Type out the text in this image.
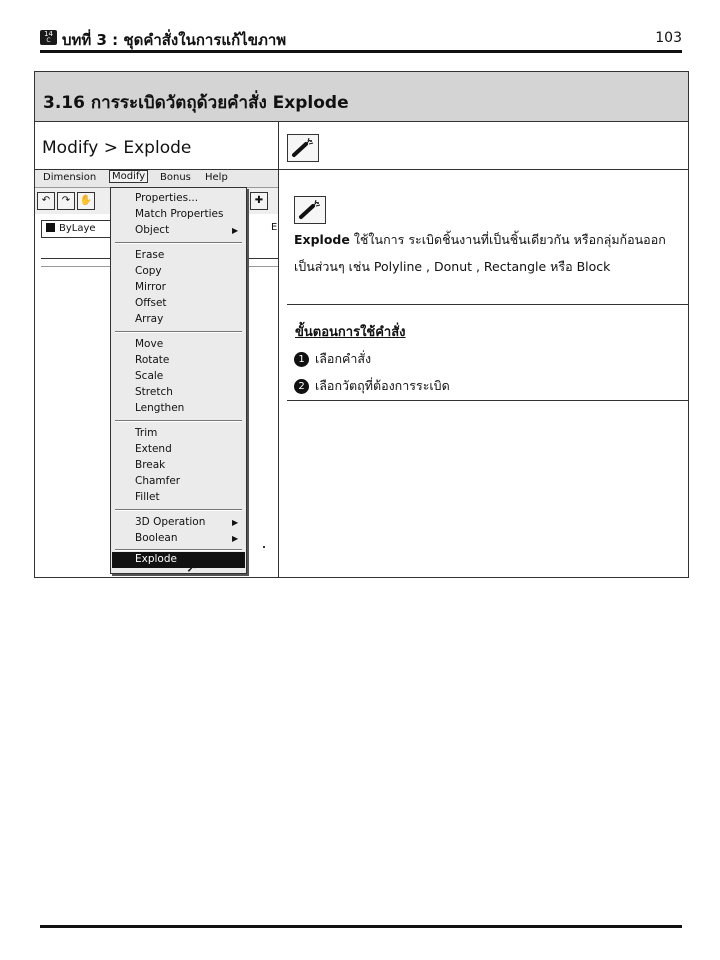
14
C บทที่ 3 : ชุดคำสั่งในการแก้ไขภาพ	103
3.16 การระเบิดวัตถุด้วยคำสั่ง Explode
Modify > Explode
Dimension	Modify	Bonus Help
↶	↷ ✋	✚
ByLaye	E
Properties...
Match Properties
Object	▶
Erase
Copy
Mirror
Offset
Array
Move
Rotate
Scale
Stretch
Lengthen
Trim
Extend
Break
Chamfer
Fillet
3D Operation	▶
Boolean	▶
Explode
➚
Explode ใช้ในการ ระเบิดชิ้นงานที่เป็นชิ้นเดียวกัน หรือกลุ่มก้อนออกเป็นส่วนๆ เช่น Polyline , Donut , Rectangle หรือ Block
ขั้นตอนการใช้คำสั่ง
1 เลือกคำสั่ง
2 เลือกวัตถุที่ต้องการระเบิด
